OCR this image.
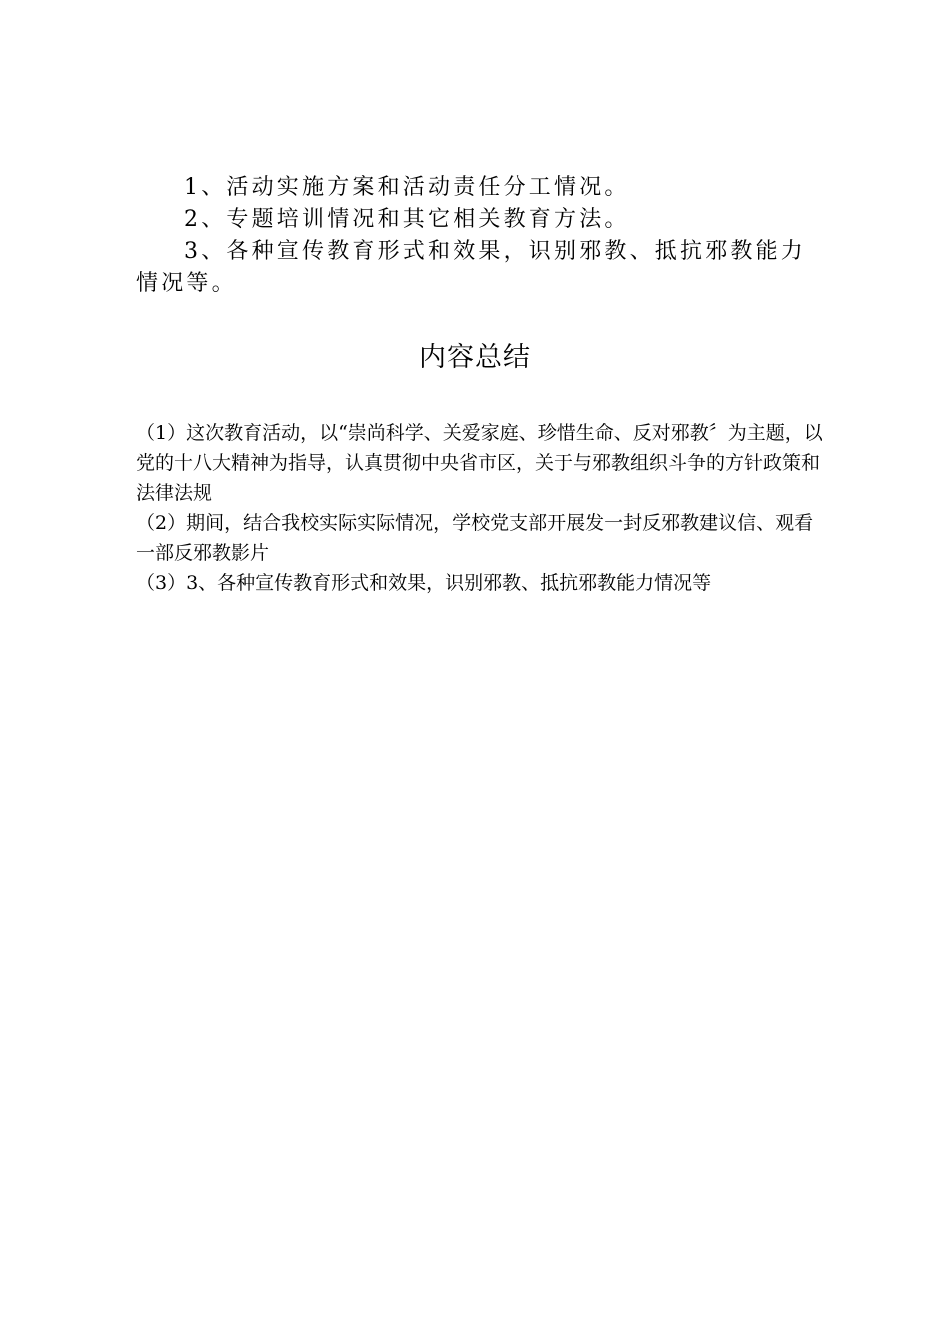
1、活动实施方案和活动责任分工情况。

2、专题培训情况和其它相关教育方法。

3、各种宣传教育形式和效果，识别邪教、抵抗邪教能力情况等。

内容总结

（1）这次教育活动，以“崇尚科学、关爱家庭、珍惜生命、反对邪教〞为主题，以党的十八大精神为指导，认真贯彻中央省市区，关于与邪教组织斗争的方针政策和法律法规

（2）期间，结合我校实际实际情况，学校党支部开展发一封反邪教建议信、观看一部反邪教影片

（3）3、各种宣传教育形式和效果，识别邪教、抵抗邪教能力情况等
